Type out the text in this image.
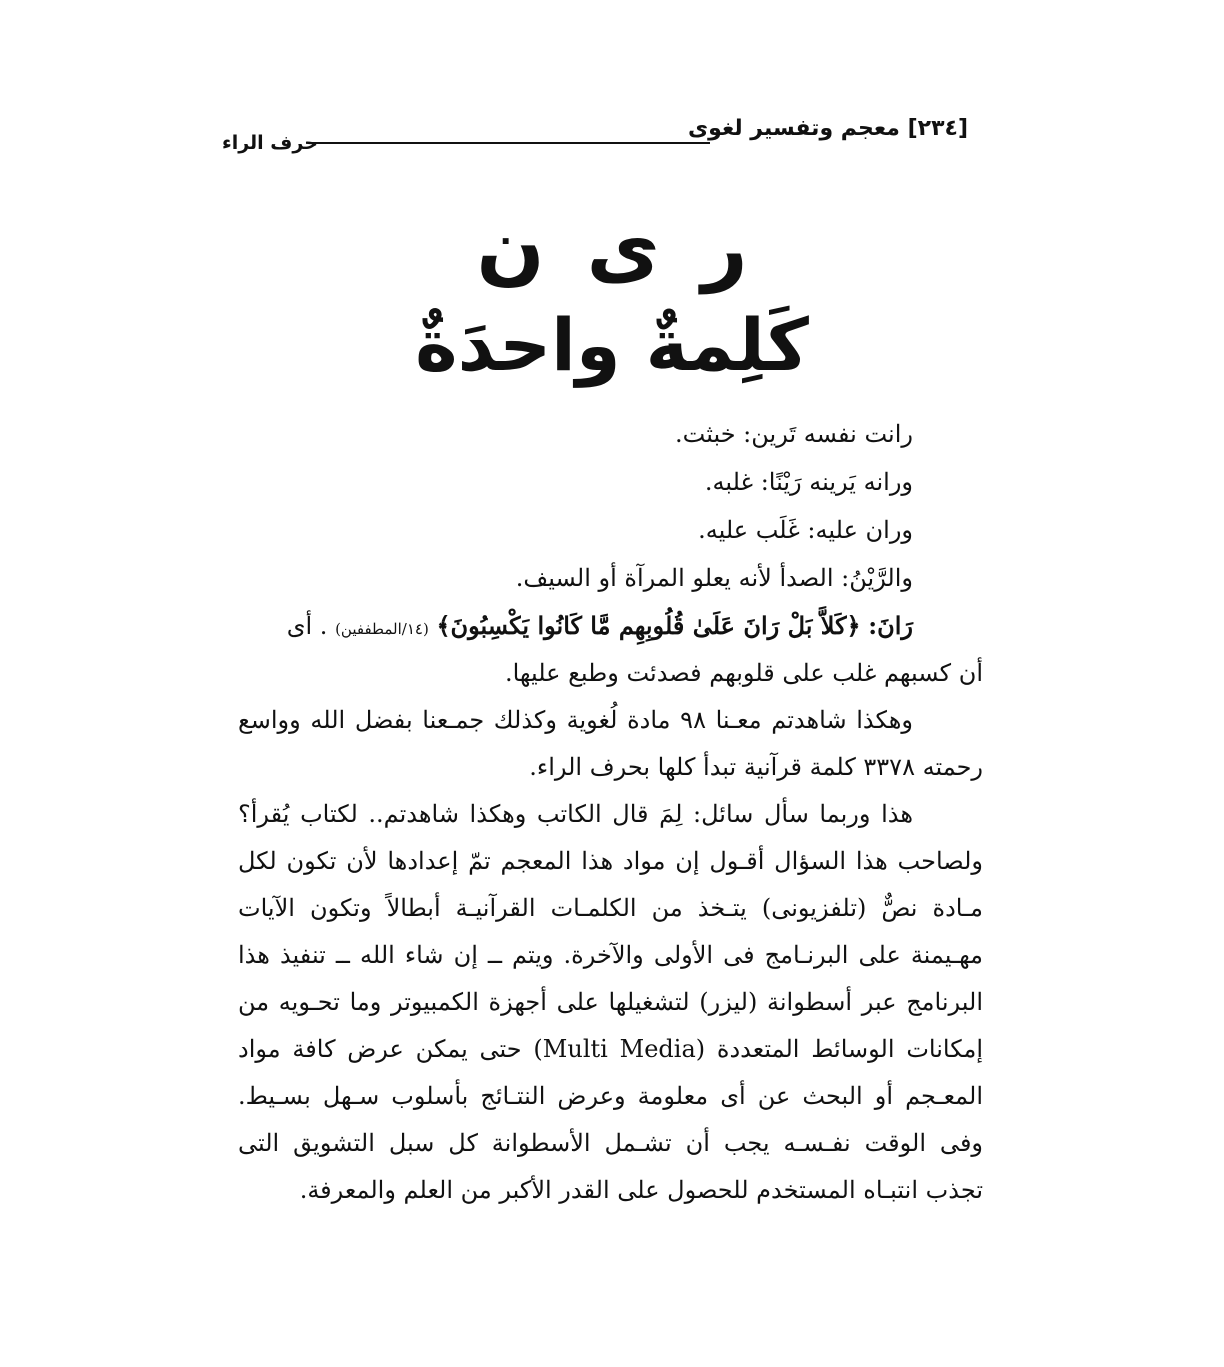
[٢٣٤] معجم وتفسير لغوى
حرف الراء
ر ى ن
كَلِمةٌ واحدَةٌ

رانت نفسه تَرين: خبثت.

ورانه يَرينه رَيْنًا: غلبه.

وران عليه: غَلَب عليه.

والرَّيْنُ: الصدأ لأنه يعلو المرآة أو السيف.

رَانَ: ﴿كَلاَّ بَلْ رَانَ عَلَىٰ قُلُوبِهِم مَّا كَانُوا يَكْسِبُونَ﴾ (١٤/المطففين) . أى

أن كسبهم غلب على قلوبهم فصدئت وطبع عليها.

وهكذا شاهدتم معـنا ٩٨ مادة لُغوية وكذلك جمـعنا بفضل الله وواسع رحمته ٣٣٧٨ كلمة قرآنية تبدأ كلها بحرف الراء.

هذا وربما سأل سائل: لِمَ قال الكاتب وهكذا شاهدتم.. لكتاب يُقرأ؟ ولصاحب هذا السؤال أقـول إن مواد هذا المعجم تمّ إعدادها لأن تكون لكل مـادة نصٌّ (تلفزيونى) يتـخذ من الكلمـات القرآنيـة أبطالاً وتكون الآيات مهـيمنة على البرنـامج فى الأولى والآخرة. ويتم ــ إن شاء الله ــ تنفيذ هذا البرنامج عبر أسطوانة (ليزر) لتشغيلها على أجهزة الكمبيوتر وما تحـويه من إمكانات الوسائط المتعددة (Multi Media) حتى يمكن عرض كافة مواد المعـجم أو البحث عن أى معلومة وعرض النتـائج بأسلوب سـهل بسـيط. وفى الوقت نفـسـه يجب أن تشـمل الأسطوانة كل سبل التشويق التى تجذب انتبـاه المستخدم للحصول على القدر الأكبر من العلم والمعرفة.
